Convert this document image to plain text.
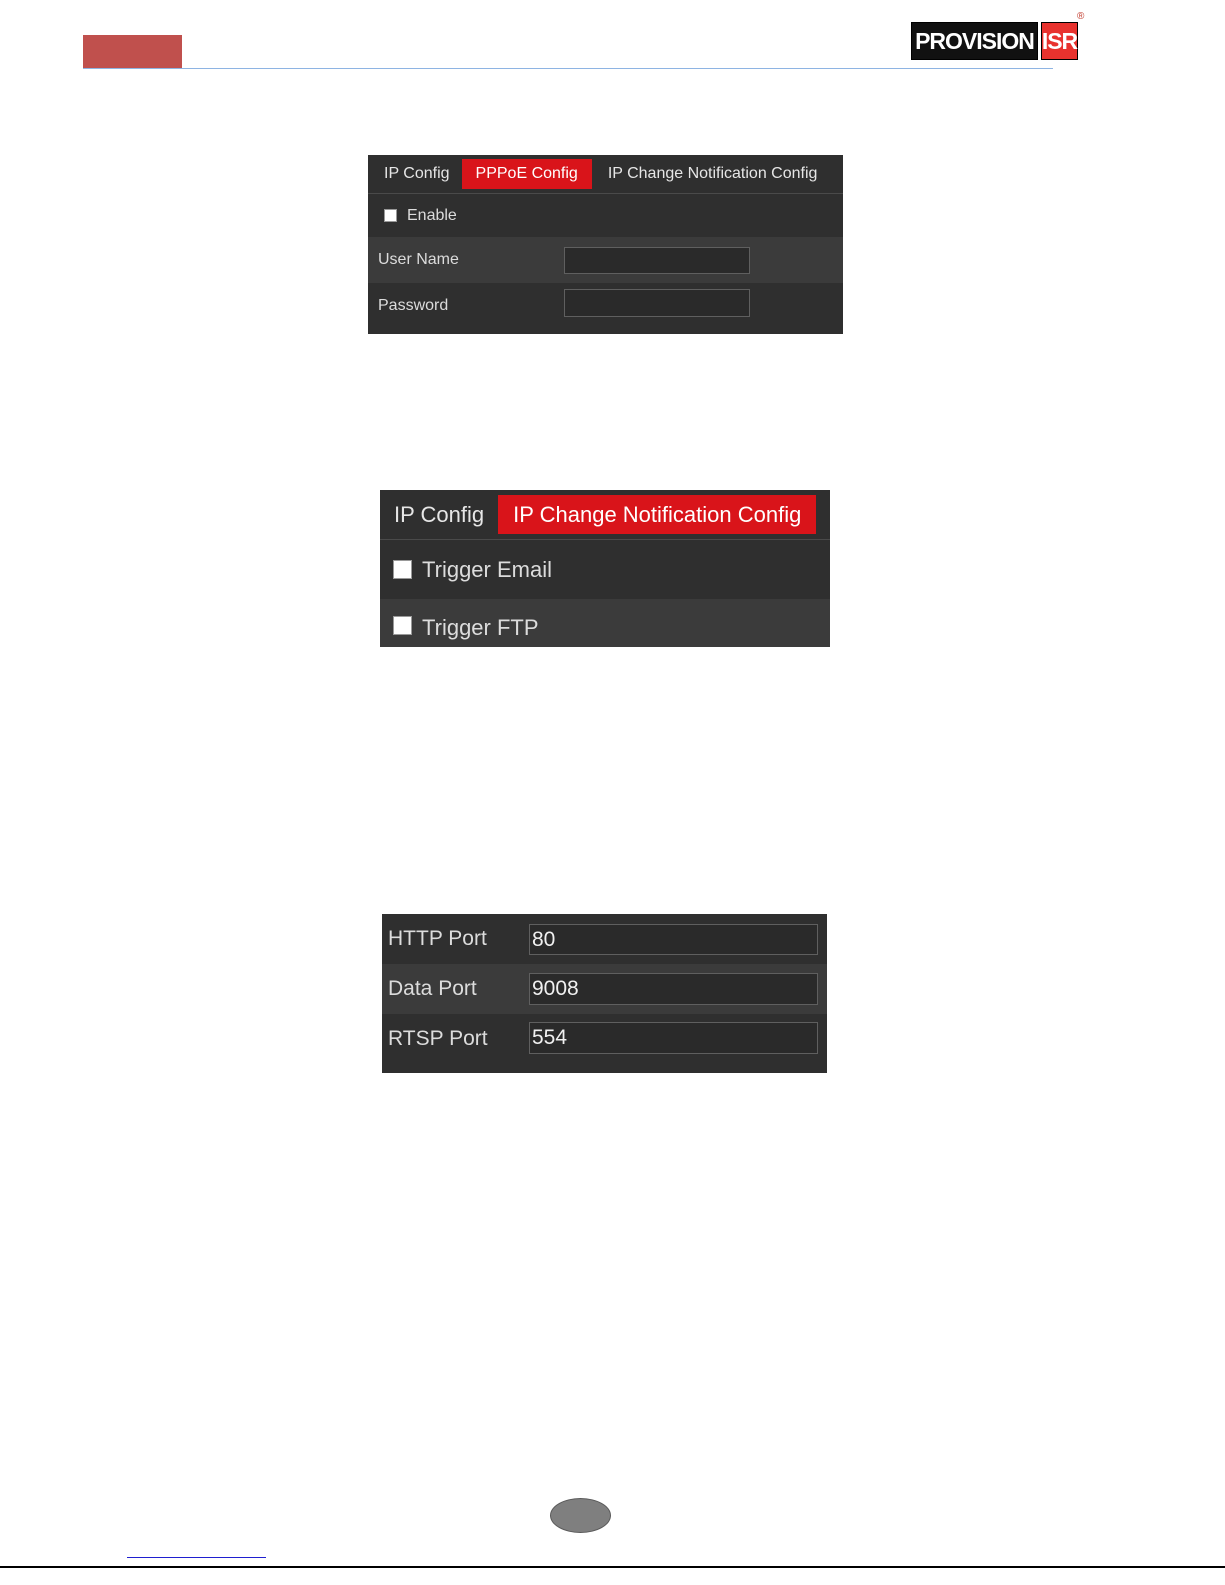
PROVISION ISR
®
IP Config	PPPoE Config	IP Change Notification Config
Enable
User Name
Password
IP Config	IP Change Notification Config
Trigger Email
Trigger FTP
HTTP Port 80
Data Port	9008
RTSP Port 554
